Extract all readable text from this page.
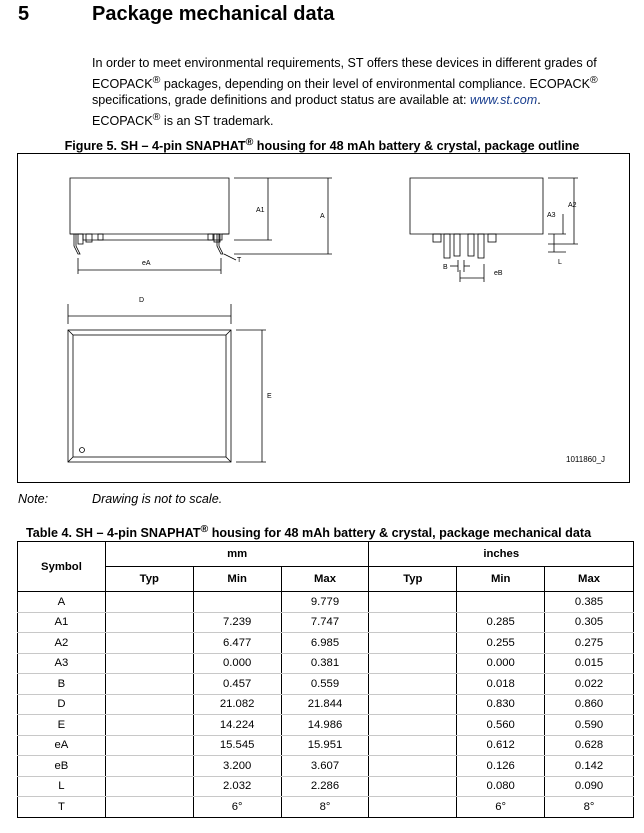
5	Package mechanical data
In order to meet environmental requirements, ST offers these devices in different grades of
ECOPACK® packages, depending on their level of environmental compliance. ECOPACK®
specifications, grade definitions and product status are available at: www.st.com.
ECOPACK® is an ST trademark.
Figure 5. SH – 4-pin SNAPHAT® housing for 48 mAh battery & crystal, package outline
A1
A
eA	T
A2
A3
B
eB
L
D
E
1011860_J
Note:	Drawing is not to scale.
Table 4. SH – 4-pin SNAPHAT® housing for 48 mAh battery & crystal, package mechanical data
Symbol	mm			inches		
	Typ	Min	Max	Typ	Min	Max
A			9.779			0.385
A1		7.239	7.747		0.285	0.305
A2		6.477	6.985		0.255	0.275
A3		0.000	0.381		0.000	0.015
B		0.457	0.559		0.018	0.022
D		21.082	21.844		0.830	0.860
E		14.224	14.986		0.560	0.590
eA		15.545	15.951		0.612	0.628
eB		3.200	3.607		0.126	0.142
L		2.032	2.286		0.080	0.090
T		6°	8°		6°	8°
